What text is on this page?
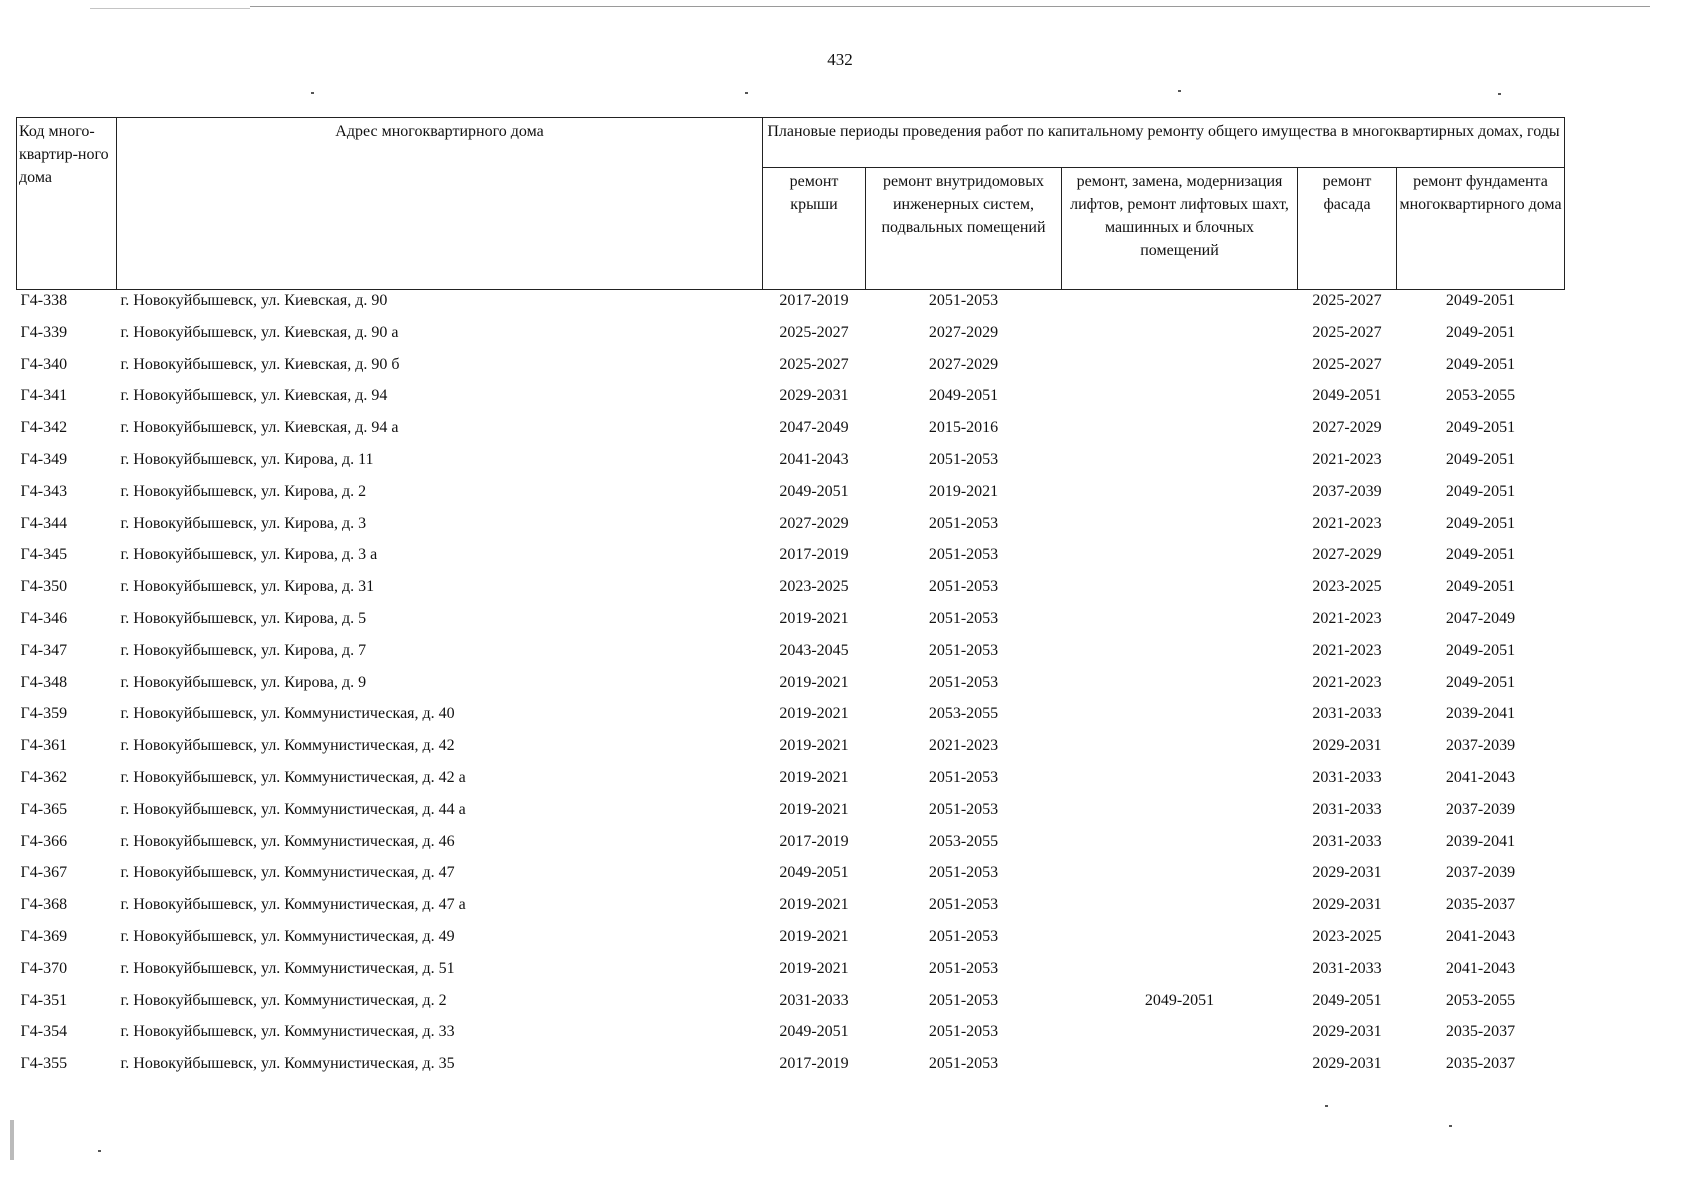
432
Код много-квартир-ного дома	Адрес многоквартирного дома	Плановые периоды проведения работ по капитальному ремонту общего имущества в многоквартирных домах, годы				
		ремонт крыши	ремонт внутридомовых инженерных систем, подвальных помещений	ремонт, замена, модернизация лифтов, ремонт лифтовых шахт, машинных и блочных помещений	ремонт фасада	ремонт фундамента многоквартирного дома
Г4-338	г. Новокуйбышевск, ул. Киевская, д. 90	2017-2019	2051-2053		2025-2027	2049-2051
Г4-339	г. Новокуйбышевск, ул. Киевская, д. 90 а	2025-2027	2027-2029		2025-2027	2049-2051
Г4-340	г. Новокуйбышевск, ул. Киевская, д. 90 б	2025-2027	2027-2029		2025-2027	2049-2051
Г4-341	г. Новокуйбышевск, ул. Киевская, д. 94	2029-2031	2049-2051		2049-2051	2053-2055
Г4-342	г. Новокуйбышевск, ул. Киевская, д. 94 а	2047-2049	2015-2016		2027-2029	2049-2051
Г4-349	г. Новокуйбышевск, ул. Кирова, д. 11	2041-2043	2051-2053		2021-2023	2049-2051
Г4-343	г. Новокуйбышевск, ул. Кирова, д. 2	2049-2051	2019-2021		2037-2039	2049-2051
Г4-344	г. Новокуйбышевск, ул. Кирова, д. 3	2027-2029	2051-2053		2021-2023	2049-2051
Г4-345	г. Новокуйбышевск, ул. Кирова, д. 3 а	2017-2019	2051-2053		2027-2029	2049-2051
Г4-350	г. Новокуйбышевск, ул. Кирова, д. 31	2023-2025	2051-2053		2023-2025	2049-2051
Г4-346	г. Новокуйбышевск, ул. Кирова, д. 5	2019-2021	2051-2053		2021-2023	2047-2049
Г4-347	г. Новокуйбышевск, ул. Кирова, д. 7	2043-2045	2051-2053		2021-2023	2049-2051
Г4-348	г. Новокуйбышевск, ул. Кирова, д. 9	2019-2021	2051-2053		2021-2023	2049-2051
Г4-359	г. Новокуйбышевск, ул. Коммунистическая, д. 40	2019-2021	2053-2055		2031-2033	2039-2041
Г4-361	г. Новокуйбышевск, ул. Коммунистическая, д. 42	2019-2021	2021-2023		2029-2031	2037-2039
Г4-362	г. Новокуйбышевск, ул. Коммунистическая, д. 42 а	2019-2021	2051-2053		2031-2033	2041-2043
Г4-365	г. Новокуйбышевск, ул. Коммунистическая, д. 44 а	2019-2021	2051-2053		2031-2033	2037-2039
Г4-366	г. Новокуйбышевск, ул. Коммунистическая, д. 46	2017-2019	2053-2055		2031-2033	2039-2041
Г4-367	г. Новокуйбышевск, ул. Коммунистическая, д. 47	2049-2051	2051-2053		2029-2031	2037-2039
Г4-368	г. Новокуйбышевск, ул. Коммунистическая, д. 47 а	2019-2021	2051-2053		2029-2031	2035-2037
Г4-369	г. Новокуйбышевск, ул. Коммунистическая, д. 49	2019-2021	2051-2053		2023-2025	2041-2043
Г4-370	г. Новокуйбышевск, ул. Коммунистическая, д. 51	2019-2021	2051-2053		2031-2033	2041-2043
Г4-351	г. Новокуйбышевск, ул. Коммунистическая, д. 2	2031-2033	2051-2053	2049-2051	2049-2051	2053-2055
Г4-354	г. Новокуйбышевск, ул. Коммунистическая, д. 33	2049-2051	2051-2053		2029-2031	2035-2037
Г4-355	г. Новокуйбышевск, ул. Коммунистическая, д. 35	2017-2019	2051-2053		2029-2031	2035-2037
